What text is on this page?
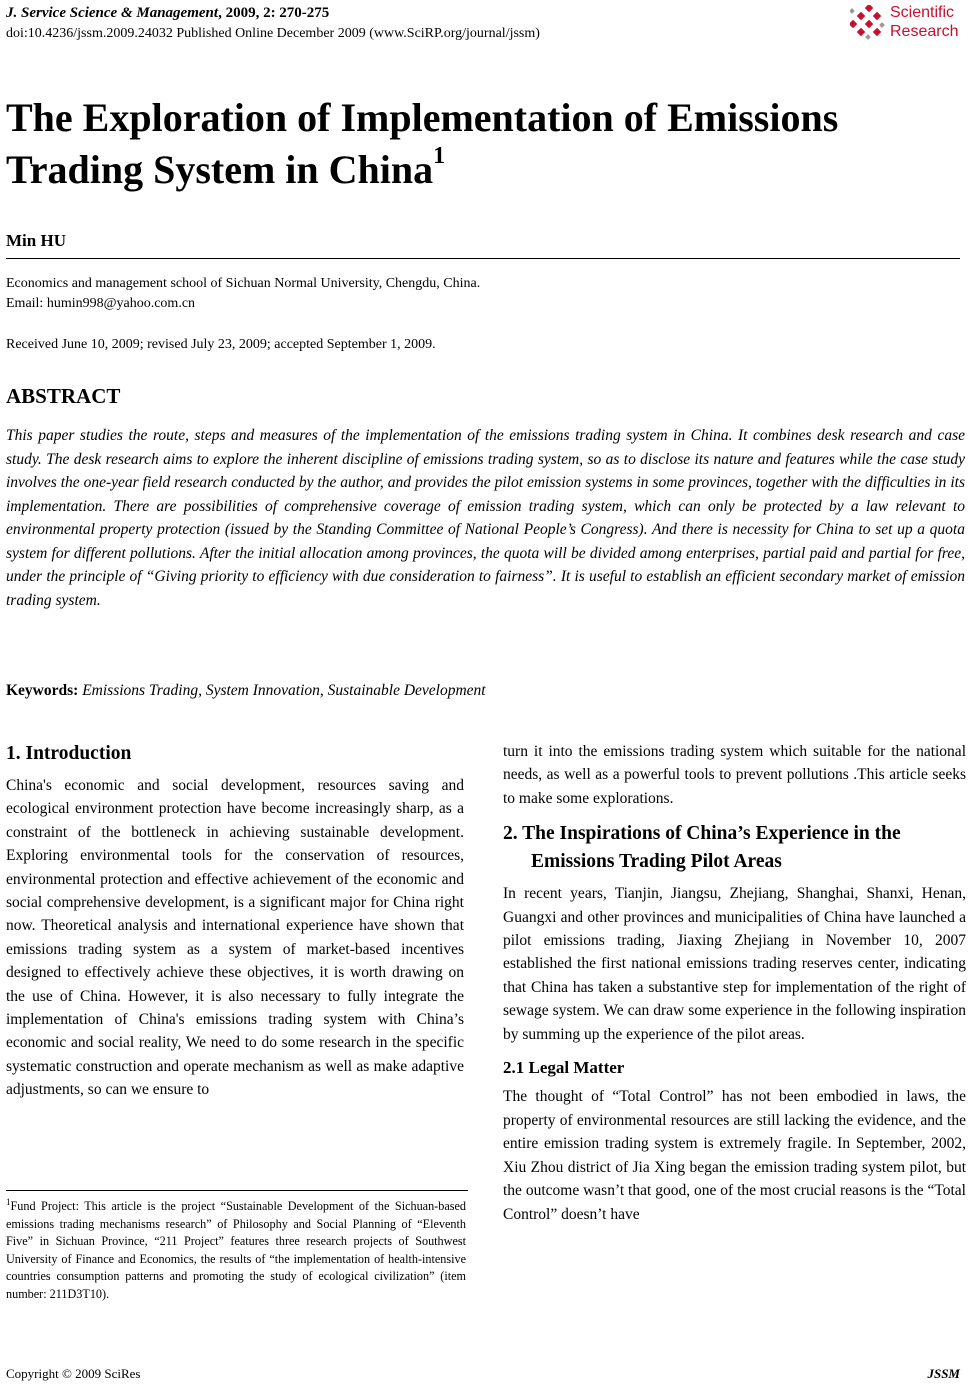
J. Service Science & Management, 2009, 2: 270-275
doi:10.4236/jssm.2009.24032 Published Online December 2009 (www.SciRP.org/journal/jssm)
Scientific
Research
The Exploration of Implementation of Emissions Trading System in China$^1$
Min HU
Economics and management school of Sichuan Normal University, Chengdu, China.
Email: humin998@yahoo.com.cn
Received June 10, 2009; revised July 23, 2009; accepted September 1, 2009.
ABSTRACT

This paper studies the route, steps and measures of the implementation of the emissions trading system in China. It combines desk research and case study. The desk research aims to explore the inherent discipline of emissions trading system, so as to disclose its nature and features while the case study involves the one-year field research conducted by the author, and provides the pilot emission systems in some provinces, together with the difficulties in its implementation. There are possibilities of comprehensive coverage of emission trading system, which can only be protected by a law relevant to environmental property protection (issued by the Standing Committee of National People’s Congress). And there is necessity for China to set up a quota system for different pollutions. After the initial allocation among provinces, the quota will be divided among enterprises, partial paid and partial for free, under the principle of “Giving priority to efficiency with due consideration to fairness”. It is useful to establish an efficient secondary market of emission trading system.

Keywords: Emissions Trading, System Innovation, Sustainable Development
1. Introduction

China's economic and social development, resources saving and ecological environment protection have become increasingly sharp, as a constraint of the bottleneck in achieving sustainable development. Exploring environmental tools for the conservation of resources, environmental protection and effective achievement of the economic and social comprehensive development, is a significant major for China right now. Theoretical analysis and international experience have shown that emissions trading system as a system of market-based incentives designed to effectively achieve these objectives, it is worth drawing on the use of China. However, it is also necessary to fully integrate the implementation of China's emissions trading system with China’s economic and social reality, We need to do some research in the specific systematic construction and operate mechanism as well as make adaptive adjustments, so can we ensure to

$^1$Fund Project: This article is the project “Sustainable Development of the Sichuan-based emissions trading mechanisms research” of Philosophy and Social Planning of “Eleventh Five” in Sichuan Province, “211 Project” features three research projects of Southwest University of Finance and Economics, the results of “the implementation of health-intensive countries consumption patterns and promoting the study of ecological civilization” (item number: 211D3T10).

turn it into the emissions trading system which suitable for the national needs, as well as a powerful tools to prevent pollutions .This article seeks to make some explorations.

2. The Inspirations of China’s Experience in the Emissions Trading Pilot Areas

In recent years, Tianjin, Jiangsu, Zhejiang, Shanghai, Shanxi, Henan, Guangxi and other provinces and municipalities of China have launched a pilot emissions trading, Jiaxing Zhejiang in November 10, 2007 established the first national emissions trading reserves center, indicating that China has taken a substantive step for implementation of the right of sewage system. We can draw some experience in the following inspiration by summing up the experience of the pilot areas.

2.1 Legal Matter

The thought of “Total Control” has not been embodied in laws, the property of environmental resources are still lacking the evidence, and the entire emission trading system is extremely fragile. In September, 2002, Xiu Zhou district of Jia Xing began the emission trading system pilot, but the outcome wasn’t that good, one of the most crucial reasons is the “Total Control” doesn’t have

Copyright © 2009 SciRes	JSSM
